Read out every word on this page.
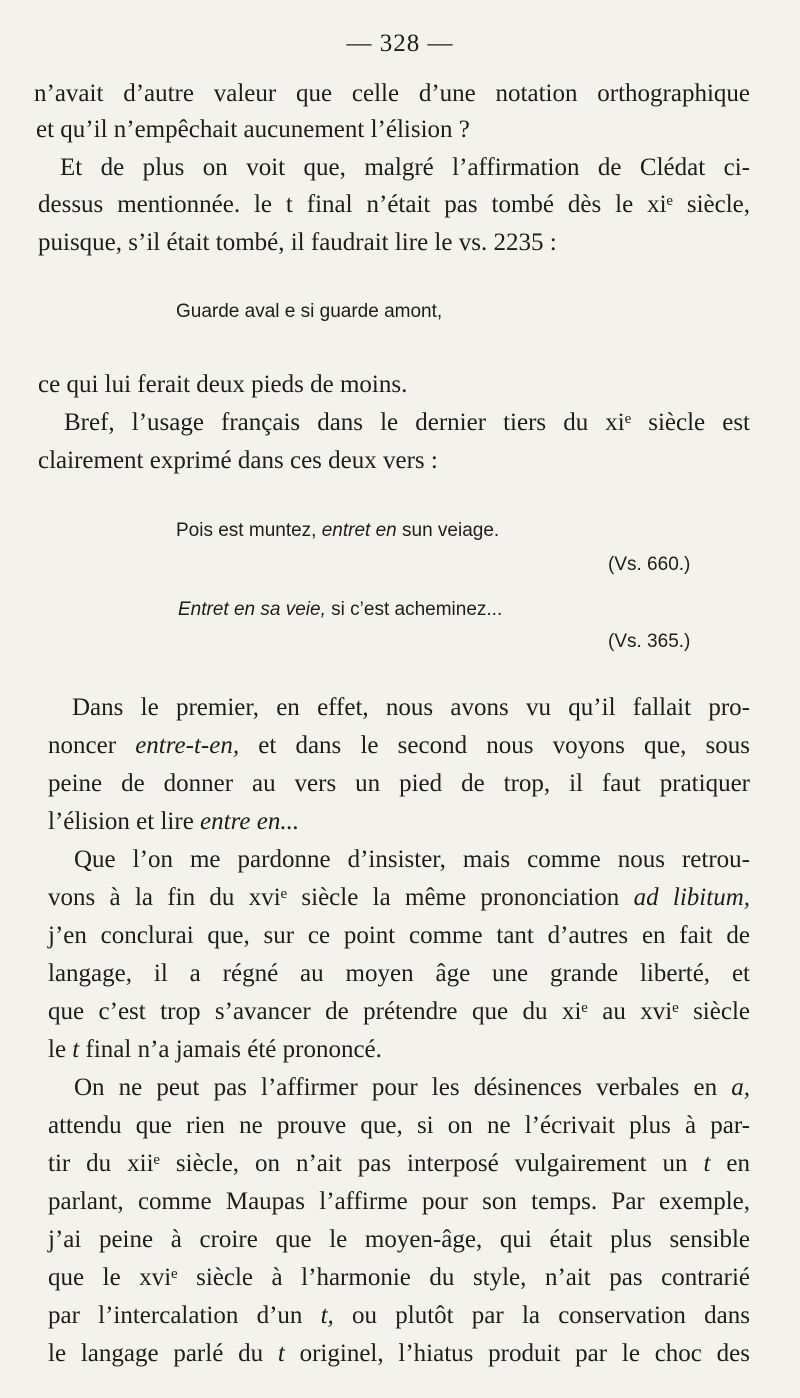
— 328 —
n’avait d’autre valeur que celle d’une notation orthographique
et qu’il n’empêchait aucunement l’élision ?
Et de plus on voit que, malgré l’affirmation de Clédat ci-
dessus mentionnée. le t final n’était pas tombé dès le xiᵉ siècle,
puisque, s’il était tombé, il faudrait lire le vs. 2235 :
Guarde aval e si guarde amont,
ce qui lui ferait deux pieds de moins.
Bref, l’usage français dans le dernier tiers du xiᵉ siècle est
clairement exprimé dans ces deux vers :
Pois est muntez, entret en sun veiage.
(Vs. 660.)
Entret en sa veie, si c’est acheminez...
(Vs. 365.)
Dans le premier, en effet, nous avons vu qu’il fallait pro-
noncer entre-t-en, et dans le second nous voyons que, sous
peine de donner au vers un pied de trop, il faut pratiquer
l’élision et lire entre en...
Que l’on me pardonne d’insister, mais comme nous retrou-
vons à la fin du xviᵉ siècle la même prononciation ad libitum,
j’en conclurai que, sur ce point comme tant d’autres en fait de
langage, il a régné au moyen âge une grande liberté, et
que c’est trop s’avancer de prétendre que du xiᵉ au xviᵉ siècle
le t final n’a jamais été prononcé.
On ne peut pas l’affirmer pour les désinences verbales en a,
attendu que rien ne prouve que, si on ne l’écrivait plus à par-
tir du xiiᵉ siècle, on n’ait pas interposé vulgairement un t en
parlant, comme Maupas l’affirme pour son temps. Par exemple,
j’ai peine à croire que le moyen-âge, qui était plus sensible
que le xviᵉ siècle à l’harmonie du style, n’ait pas contrarié
par l’intercalation d’un t, ou plutôt par la conservation dans
le langage parlé du t originel, l’hiatus produit par le choc des
